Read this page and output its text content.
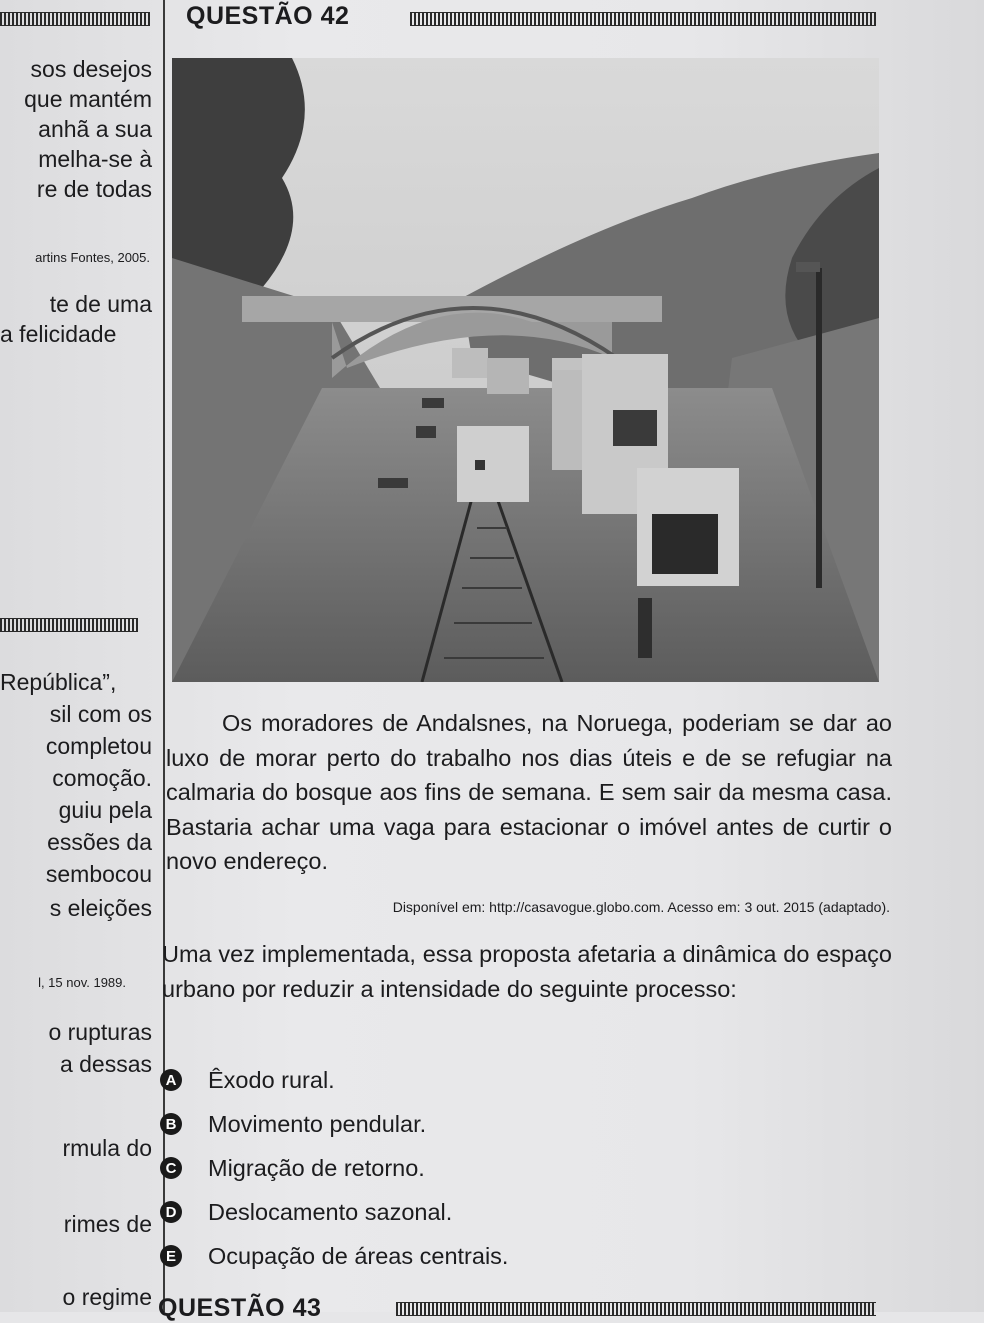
sos desejos
que mantém
anhã a sua
melha-se à
re de todas
artins Fontes, 2005.
te de uma
a felicidade
República”,
sil com os
completou
comoção.
guiu pela
essões da
sembocou
s eleições
l, 15 nov. 1989.
o rupturas
a dessas
rmula do
rimes de
o regime
QUESTÃO 42

Os moradores de Andalsnes, na Noruega, poderiam se dar ao luxo de morar perto do trabalho nos dias úteis e de se refugiar na calmaria do bosque aos fins de semana. E sem sair da mesma casa. Bastaria achar uma vaga para estacionar o imóvel antes de curtir o novo endereço.

Disponível em: http://casavogue.globo.com. Acesso em: 3 out. 2015 (adaptado).
Uma vez implementada, essa proposta afetaria a dinâmica do espaço urbano por reduzir a intensidade do seguinte processo:
A Êxodo rural.
B Movimento pendular.
C Migração de retorno.
D Deslocamento sazonal.
E Ocupação de áreas centrais.
QUESTÃO 43
